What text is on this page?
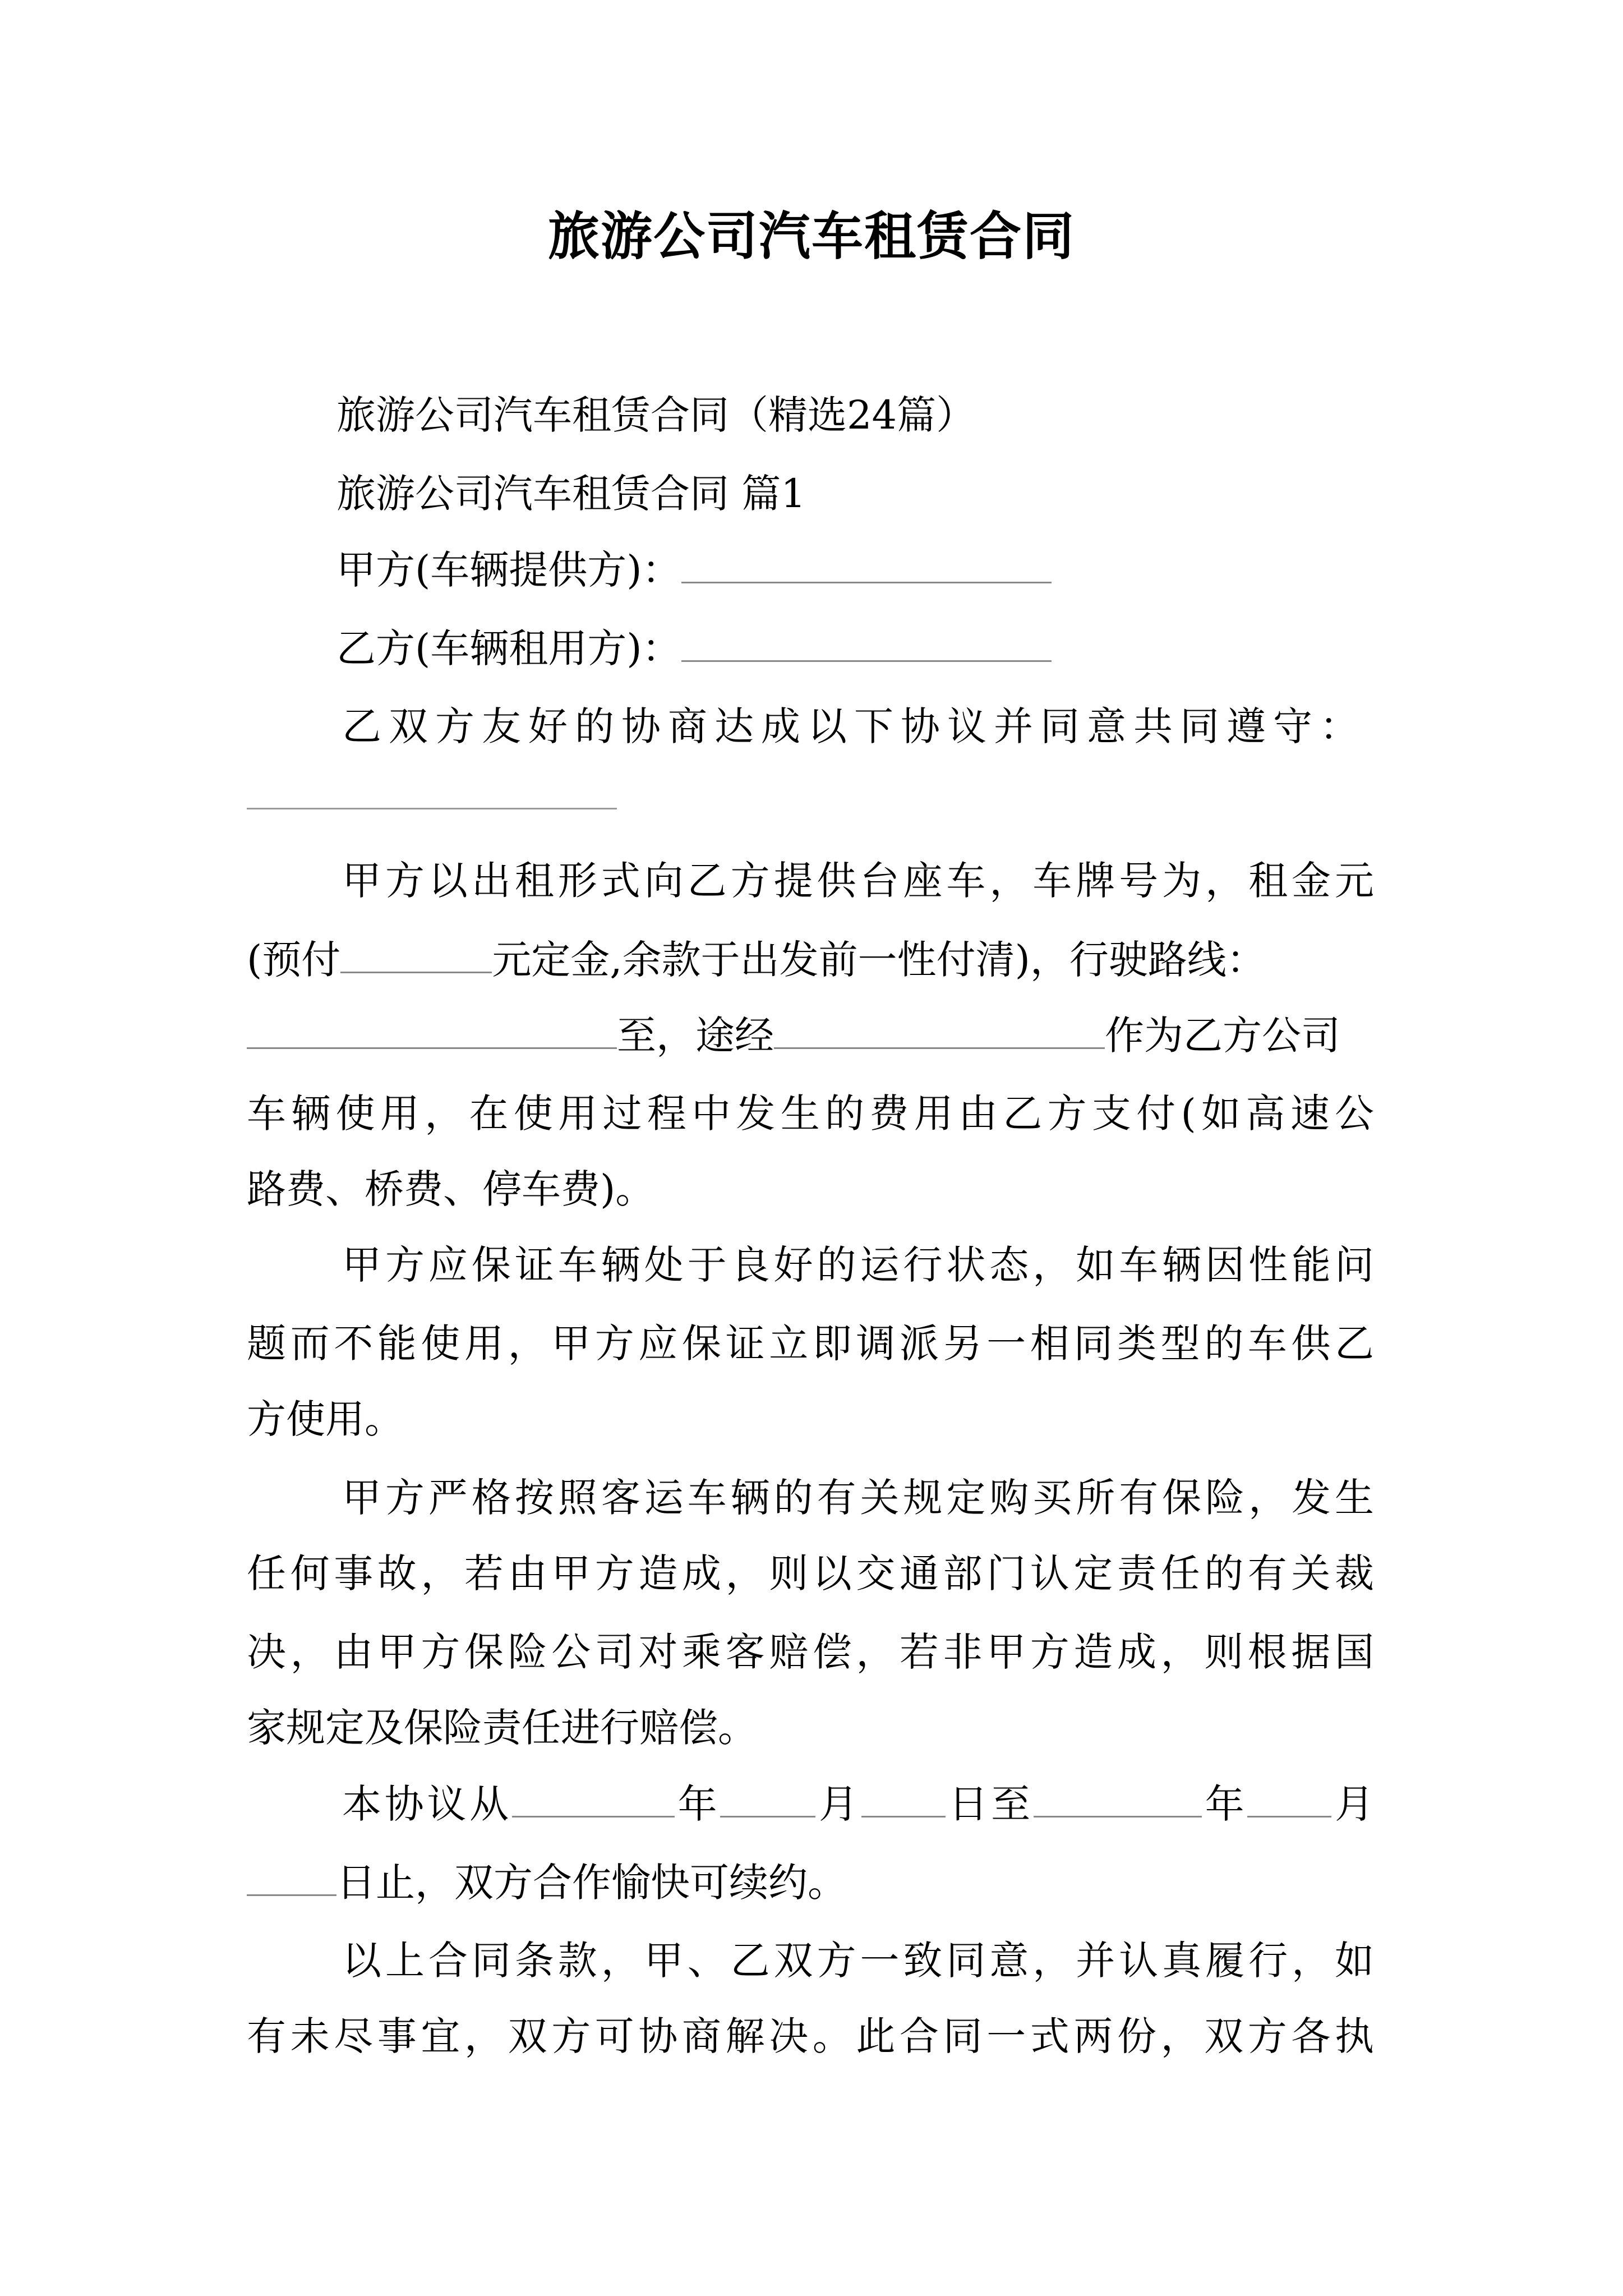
旅游公司汽车租赁合同
旅游公司汽车租赁合同（精选24篇）
旅游公司汽车租赁合同 篇1
甲方(车辆提供方)：
乙方(车辆租用方)：
乙双方友好的协商达成以下协议并同意共同遵守：
甲方以出租形式向乙方提供台座车，车牌号为，租金元
(预付	元定金,余款于出发前一性付清)，行驶路线：
至，途经	作为乙方公司
车辆使用，在使用过程中发生的费用由乙方支付(如高速公
路费、桥费、停车费)。
甲方应保证车辆处于良好的运行状态，如车辆因性能问
题而不能使用，甲方应保证立即调派另一相同类型的车供乙
方使用。
甲方严格按照客运车辆的有关规定购买所有保险，发生
任何事故，若由甲方造成，则以交通部门认定责任的有关裁
决，由甲方保险公司对乘客赔偿，若非甲方造成，则根据国
家规定及保险责任进行赔偿。
本协议从	年 月 日至	年 月
日止，双方合作愉快可续约。
以上合同条款，甲、乙双方一致同意，并认真履行，如
有未尽事宜，双方可协商解决。此合同一式两份，双方各执
